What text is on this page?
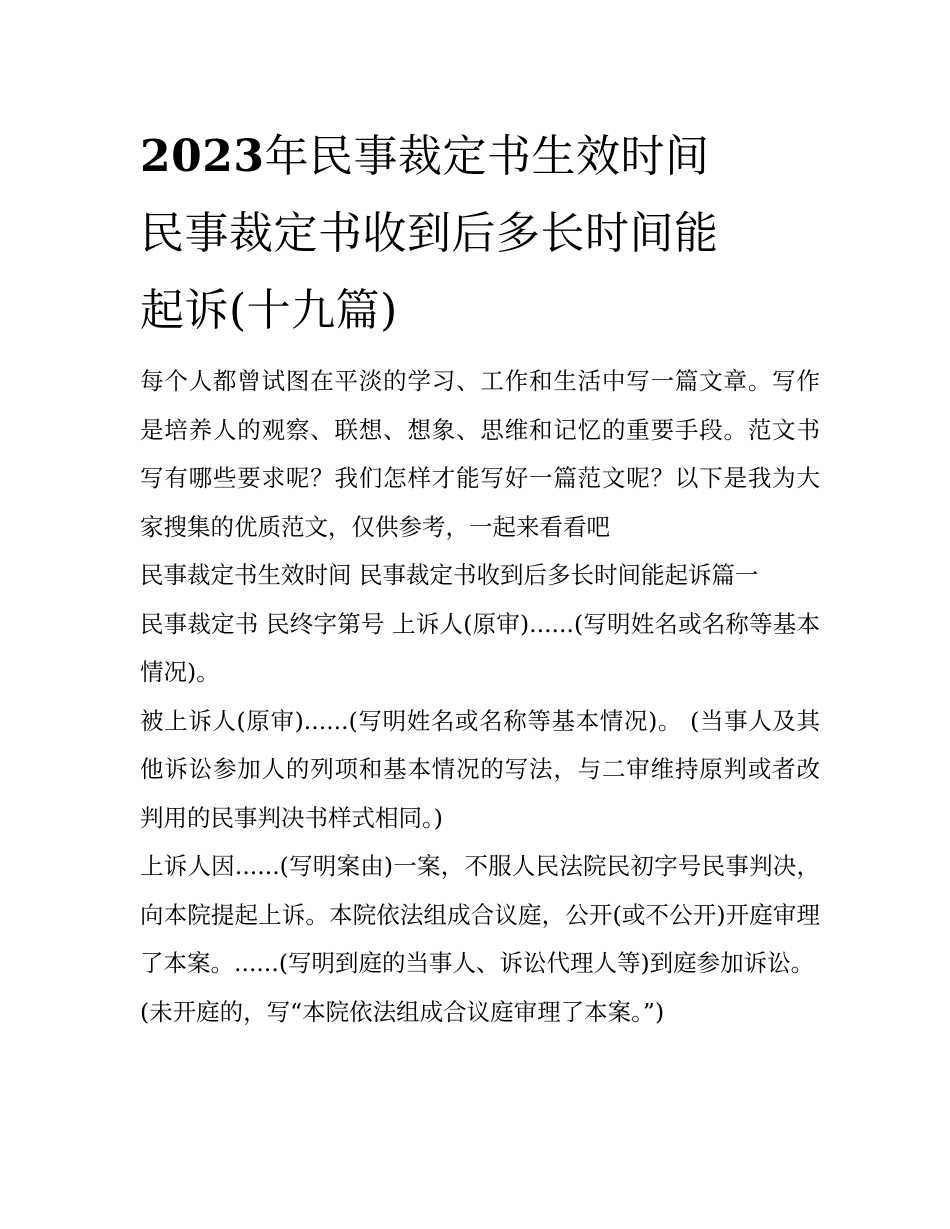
2023年民事裁定书生效时间
民事裁定书收到后多长时间能
起诉(十九篇)

每个人都曾试图在平淡的学习、工作和生活中写一篇文章。写作是培养人的观察、联想、想象、思维和记忆的重要手段。范文书写有哪些要求呢？我们怎样才能写好一篇范文呢？以下是我为大家搜集的优质范文，仅供参考，一起来看看吧

民事裁定书生效时间 民事裁定书收到后多长时间能起诉篇一

民事裁定书 民终字第号 上诉人(原审)......(写明姓名或名称等基本情况)。

被上诉人(原审)......(写明姓名或名称等基本情况)。 (当事人及其他诉讼参加人的列项和基本情况的写法，与二审维持原判或者改判用的民事判决书样式相同。)

上诉人因......(写明案由)一案，不服人民法院民初字号民事判决，向本院提起上诉。本院依法组成合议庭，公开(或不公开)开庭审理了本案。......(写明到庭的当事人、诉讼代理人等)到庭参加诉讼。

(未开庭的，写“本院依法组成合议庭审理了本案。”)
